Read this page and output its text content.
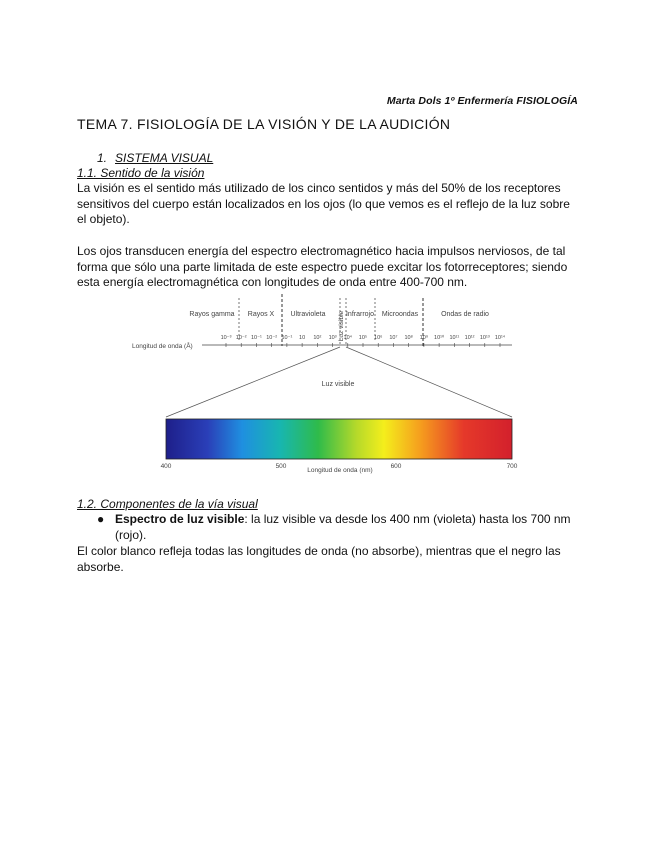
Marta Dols 1º Enfermería FISIOLOGÍA
TEMA 7. FISIOLOGÍA DE LA VISIÓN Y DE LA AUDICIÓN
1. SISTEMA VISUAL
1.1. Sentido de la visión
La visión es el sentido más utilizado de los cinco sentidos y más del 50% de los receptores sensitivos del cuerpo están localizados en los ojos (lo que vemos es el reflejo de la luz sobre el objeto).
Los ojos transducen energía del espectro electromagnético hacia impulsos nerviosos, de tal forma que sólo una parte limitada de este espectro puede excitar los fotorreceptores; siendo esta energía electromagnética con longitudes de onda entre 400-700 nm.
Rayos gamma Rayos X Ultravioleta Luz visible Infrarrojo Microondas	Ondas de radio
Longitud de onda (Å)
10⁻³ 10⁻² 10⁻¹ 10⁻² 10⁻¹ 10 10² 10³ 10⁴ 10⁵ 10⁶ 10⁷ 10⁸ 10⁹ 10¹⁰ 10¹¹ 10¹² 10¹³ 10¹⁴
Luz visible
400	500	600	700
Longitud de onda (nm)
1.2. Componentes de la vía visual
● Espectro de luz visible: la luz visible va desde los 400 nm (violeta) hasta los 700 nm (rojo).
El color blanco refleja todas las longitudes de onda (no absorbe), mientras que el negro las absorbe.
